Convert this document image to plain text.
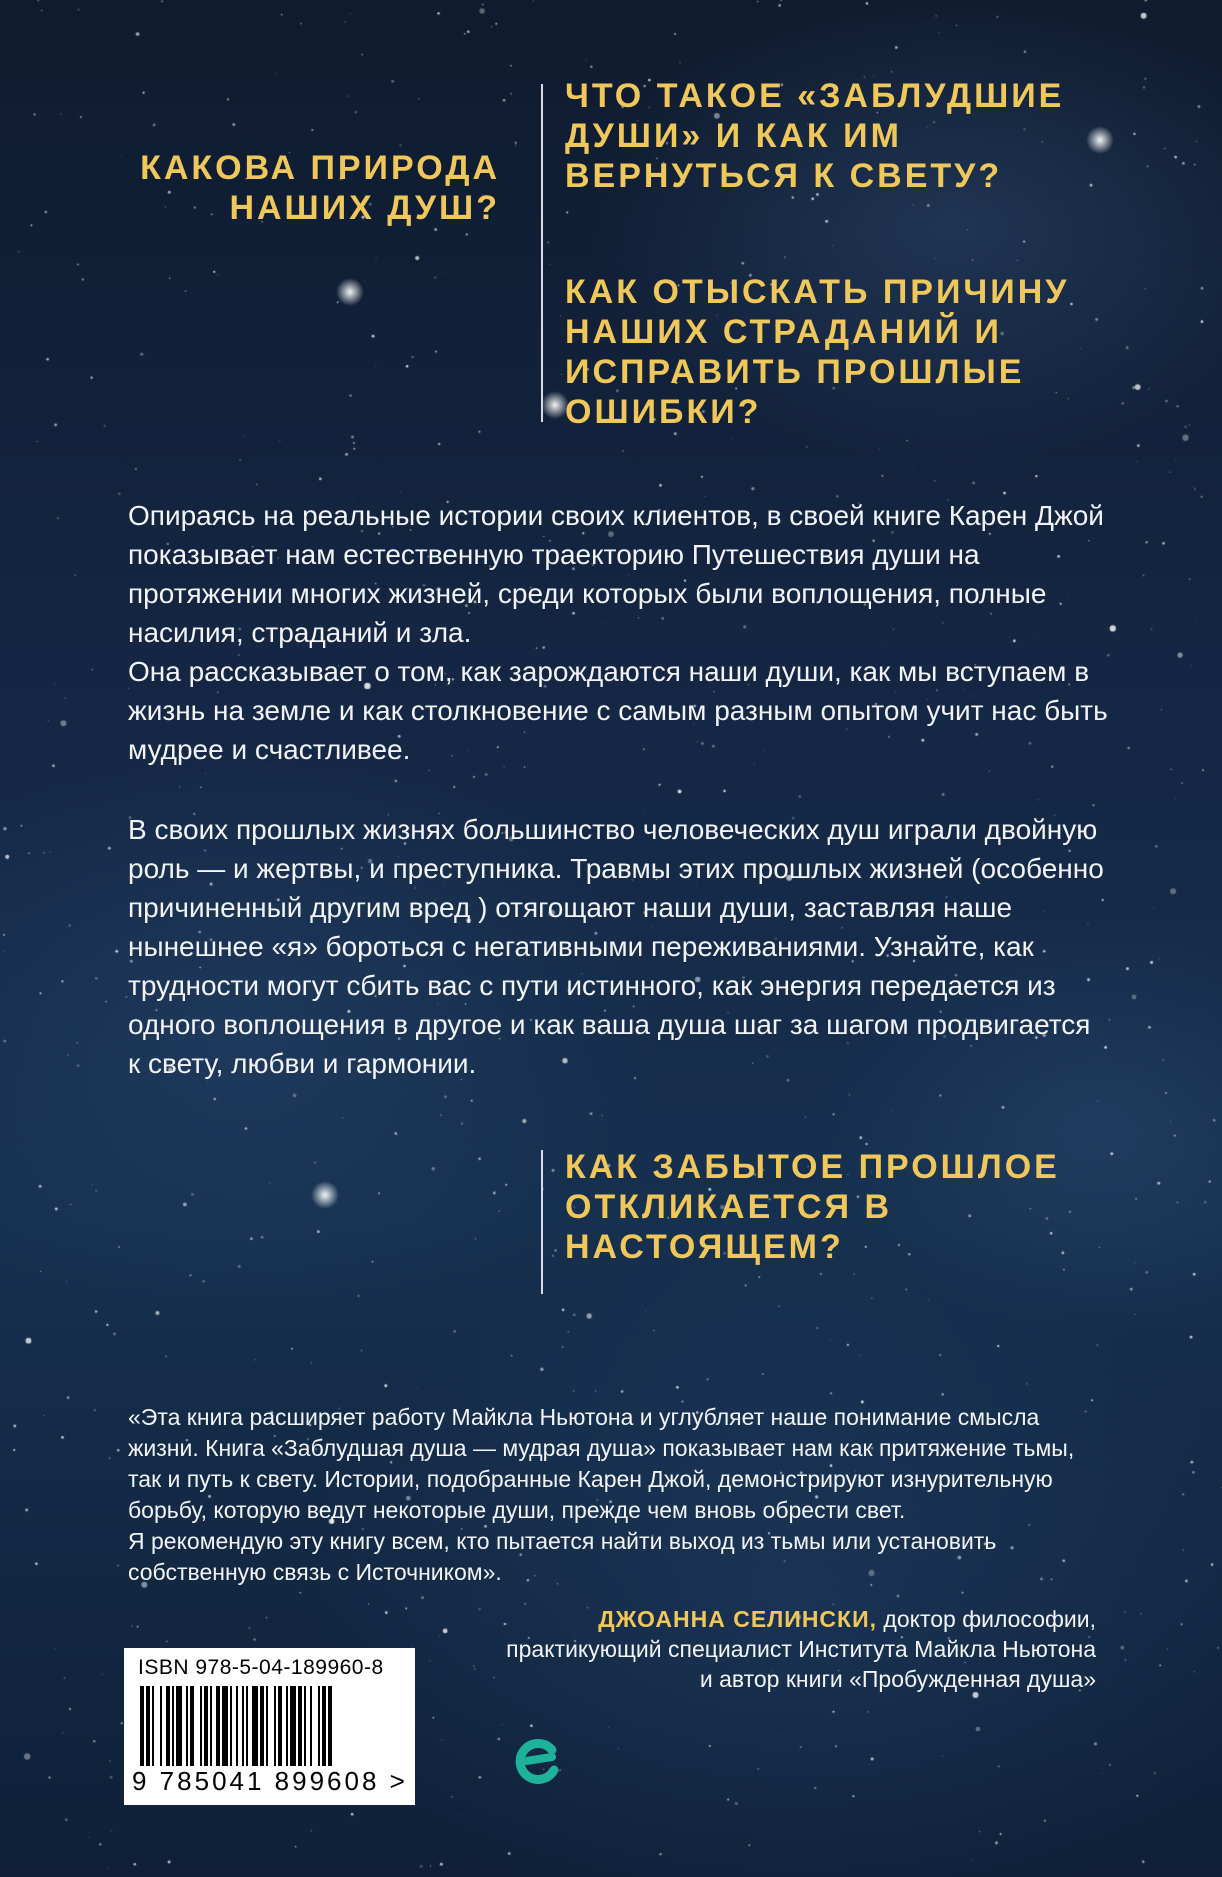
КАКОВА ПРИРОДА НАШИХ ДУШ?
ЧТО ТАКОЕ «ЗАБЛУДШИЕ ДУШИ» И КАК ИМ ВЕРНУТЬСЯ К СВЕТУ?
КАК ОТЫСКАТЬ ПРИЧИНУ НАШИХ СТРАДАНИЙ И ИСПРАВИТЬ ПРОШЛЫЕ ОШИБКИ?

Опираясь на реальные истории своих клиентов, в своей книге Карен Джой показывает нам естественную траекторию Путешествия души на протяжении многих жизней, среди которых были воплощения, полные насилия, страданий и зла.

Она рассказывает о том, как зарождаются наши души, как мы вступаем в жизнь на земле и как столкновение с самым разным опытом учит нас быть мудрее и счастливее.

В своих прошлых жизнях большинство человеческих душ играли двойную роль — и жертвы, и преступника. Травмы этих прошлых жизней (особенно причиненный другим вред ) отягощают наши души, заставляя наше нынешнее «я» бороться с негативными переживаниями. Узнайте, как трудности могут сбить вас с пути истинного, как энергия передается из одного воплощения в другое и как ваша душа шаг за шагом продвигается к свету, любви и гармонии.

КАК ЗАБЫТОЕ ПРОШЛОЕ ОТКЛИКАЕТСЯ В НАСТОЯЩЕМ?

«Эта книга расширяет работу Майкла Ньютона и углубляет наше понимание смысла жизни. Книга «Заблудшая душа — мудрая душа» показывает нам как притяжение тьмы, так и путь к свету. Истории, подобранные Карен Джой, демонстрируют изнурительную борьбу, которую ведут некоторые души, прежде чем вновь обрести свет.

Я рекомендую эту книгу всем, кто пытается найти выход из тьмы или установить собственную связь с Источником».

ДЖОАННА СЕЛИНСКИ, доктор философии,
практикующий специалист Института Майкла Ньютона
и автор книги «Пробужденная душа»
ISBN 978-5-04-189960-8
9 785041 899608 >
